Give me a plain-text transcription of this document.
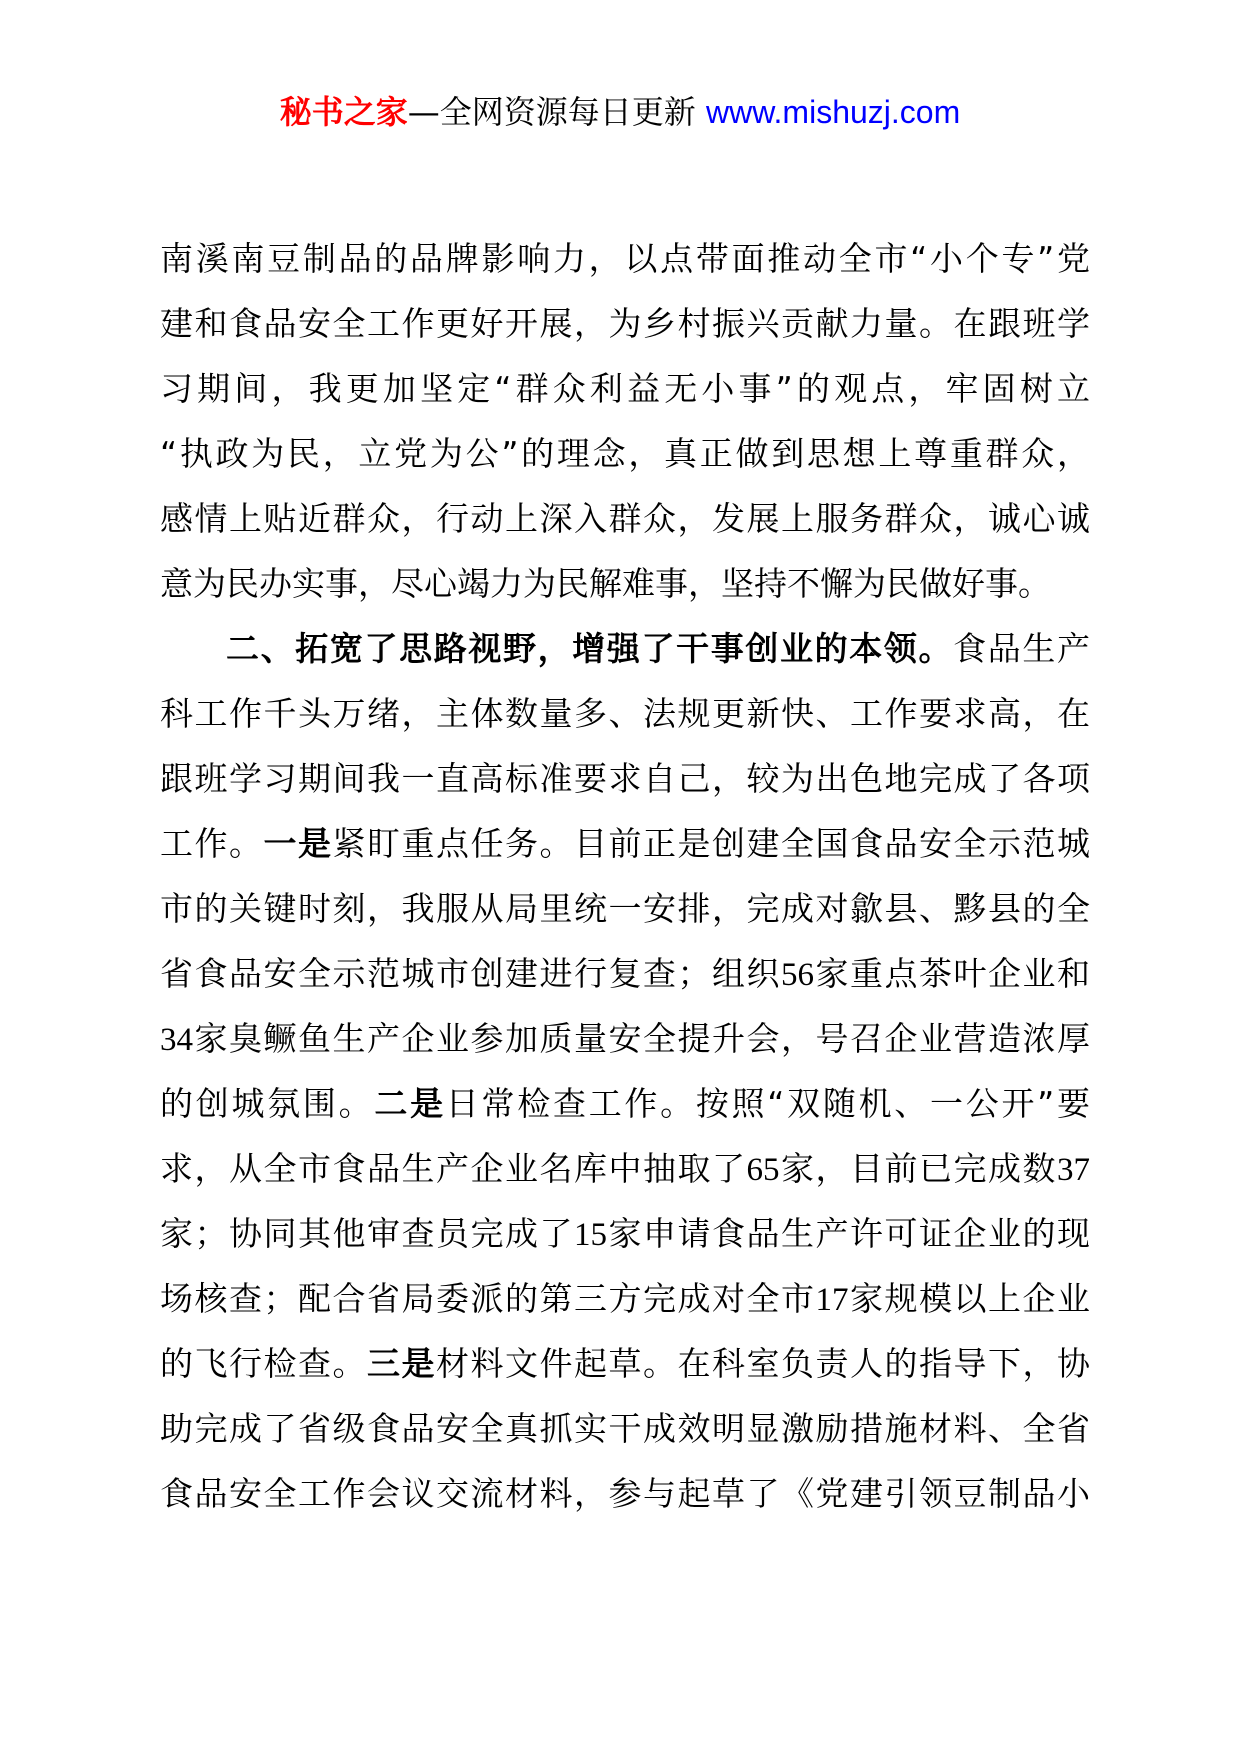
秘书之家—全网资源每日更新 www.mishuzj.com
南溪南豆制品的品牌影响力，以点带面推动全市“小个专”党
建和食品安全工作更好开展，为乡村振兴贡献力量。在跟班学
习期间，我更加坚定“群众利益无小事”的观点，牢固树立
“执政为民，立党为公”的理念，真正做到思想上尊重群众，
感情上贴近群众，行动上深入群众，发展上服务群众，诚心诚
意为民办实事，尽心竭力为民解难事，坚持不懈为民做好事。
二、拓宽了思路视野，增强了干事创业的本领。食品生产
科工作千头万绪，主体数量多、法规更新快、工作要求高，在
跟班学习期间我一直高标准要求自己，较为出色地完成了各项
工作。一是紧盯重点任务。目前正是创建全国食品安全示范城
市的关键时刻，我服从局里统一安排，完成对歙县、黟县的全
省食品安全示范城市创建进行复查；组织56家重点茶叶企业和
34家臭鳜鱼生产企业参加质量安全提升会，号召企业营造浓厚
的创城氛围。二是日常检查工作。按照“双随机、一公开”要
求，从全市食品生产企业名库中抽取了65家，目前已完成数37
家；协同其他审查员完成了15家申请食品生产许可证企业的现
场核查；配合省局委派的第三方完成对全市17家规模以上企业
的飞行检查。三是材料文件起草。在科室负责人的指导下，协
助完成了省级食品安全真抓实干成效明显激励措施材料、全省
食品安全工作会议交流材料，参与起草了《党建引领豆制品小
